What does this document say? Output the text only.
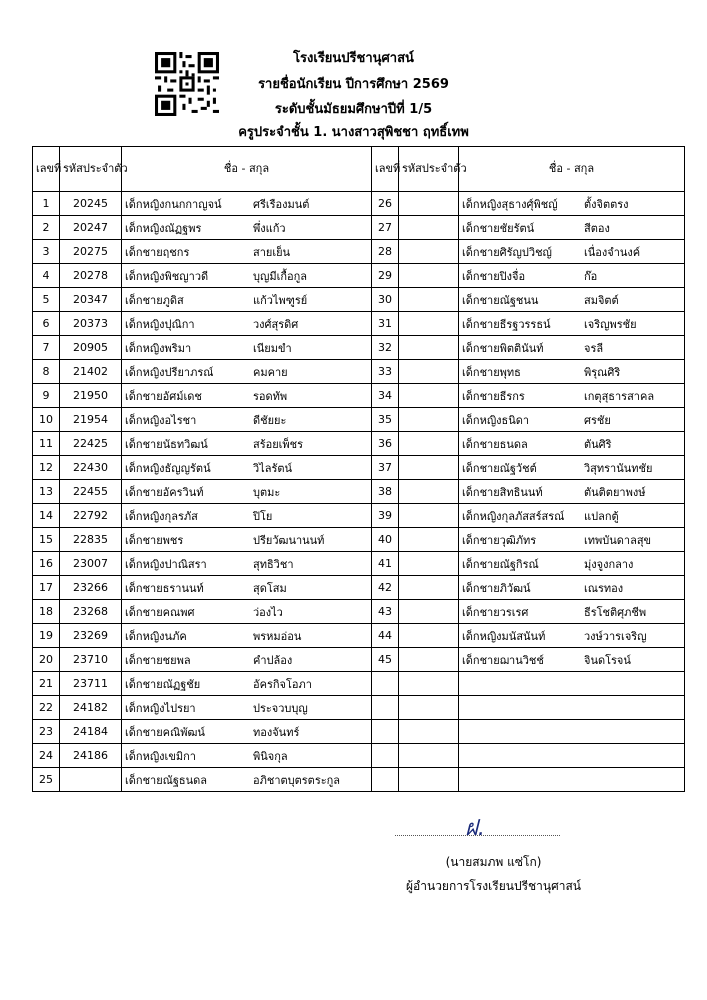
โรงเรียนปรีชานุศาสน์
รายชื่อนักเรียน ปีการศึกษา 2569
ระดับชั้นมัธยมศึกษาปีที่ 1/5
ครูประจำชั้น 1. นางสาวสุพิชชา ฤทธิ์เทพ
เลขที่	รหัสประจำตัว	ชื่อ - สกุล	เลขที่	รหัสประจำตัว	ชื่อ - สกุล
1	20245	เด็กหญิงกนกกาญจน์ ศรีเรืองมนต์	26		เด็กหญิงสุธางศุ์พิชญ์ ตั้งจิตตรง
2	20247	เด็กหญิงณัฏฐพร พึ่งแก้ว	27		เด็กชายชัยรัตน์ สีตอง
3	20275	เด็กชายฤชกร สายเย็น	28		เด็กชายศิรัญปวิชญ์ เนื่องจำนงค์
4	20278	เด็กหญิงพิชญาวดี บุญมีเกื้อกูล	29		เด็กชายปิงจื่อ ก๊อ
5	20347	เด็กชายภูดิส แก้วไพฑูรย์	30		เด็กชายณัฐชนน สมจิตต์
6	20373	เด็กหญิงปุณิกา วงศ์สุรดิศ	31		เด็กชายธีรฐวรรธน์ เจริญพรชัย
7	20905	เด็กหญิงพริมา เนียมขำ	32		เด็กชายพิตตินันท์ จรลี
8	21402	เด็กหญิงปรียาภรณ์ คมคาย	33		เด็กชายพุทธ พิรุณศิริ
9	21950	เด็กชายอัศม์เดช รอดทัพ	34		เด็กชายธีรกร เกตุสุธารสาคล
10	21954	เด็กหญิงอไรชา ดีชัยยะ	35		เด็กหญิงธนิดา ศรชัย
11	22425	เด็กชายนัธทวิฒน์ สร้อยเพ็ชร	36		เด็กชายธนดล ตันศิริ
12	22430	เด็กหญิงธัญญรัตน์ วิไลรัตน์	37		เด็กชายณัฐวัชต์ วิสุทรานันทชัย
13	22455	เด็กชายอัครวินท์ บุตมะ	38		เด็กชายสิทธินนท์ ตันติตยาพงษ์
14	22792	เด็กหญิงกุลรภัส ปิโย	39		เด็กหญิงกุลภัสสร์สรณ์ แปลกตู้
15	22835	เด็กชายพชร ปรียวัฒนานนท์	40		เด็กชายวุฒิภัทร เทพบันดาลสุข
16	23007	เด็กหญิงปาณิสรา สุทธิวิชา	41		เด็กชายณัฐกิรณ์ มุ่งจูงกลาง
17	23266	เด็กชายธรานนท์ สุดโสม	42		เด็กชายภิวัฒน์ เณรทอง
18	23268	เด็กชายคณพศ ว่องไว	43		เด็กชายวรเรศ ธีรโชติศุภชีพ
19	23269	เด็กหญิงนภัค พรหมอ่อน	44		เด็กหญิงมนัสนันท์ วงษ์วารเจริญ
20	23710	เด็กชายชยพล คำปล้อง	45		เด็กชายฌานวิชช์ จินดโรจน์
21	23711	เด็กชายณัฏฐชัย อัครกิจโอภา			
22	24182	เด็กหญิงไปรยา ประจวบบุญ			
23	24184	เด็กชายคณิพัฒน์ ทองจันทร์			
24	24186	เด็กหญิงเขมิกา พินิจกุล			
25		เด็กชายณัฐธนดล อภิชาตบุตรตระกูล			
ฝ.
(นายสมภพ แซ่โก)
ผู้อำนวยการโรงเรียนปรีชานุศาสน์
